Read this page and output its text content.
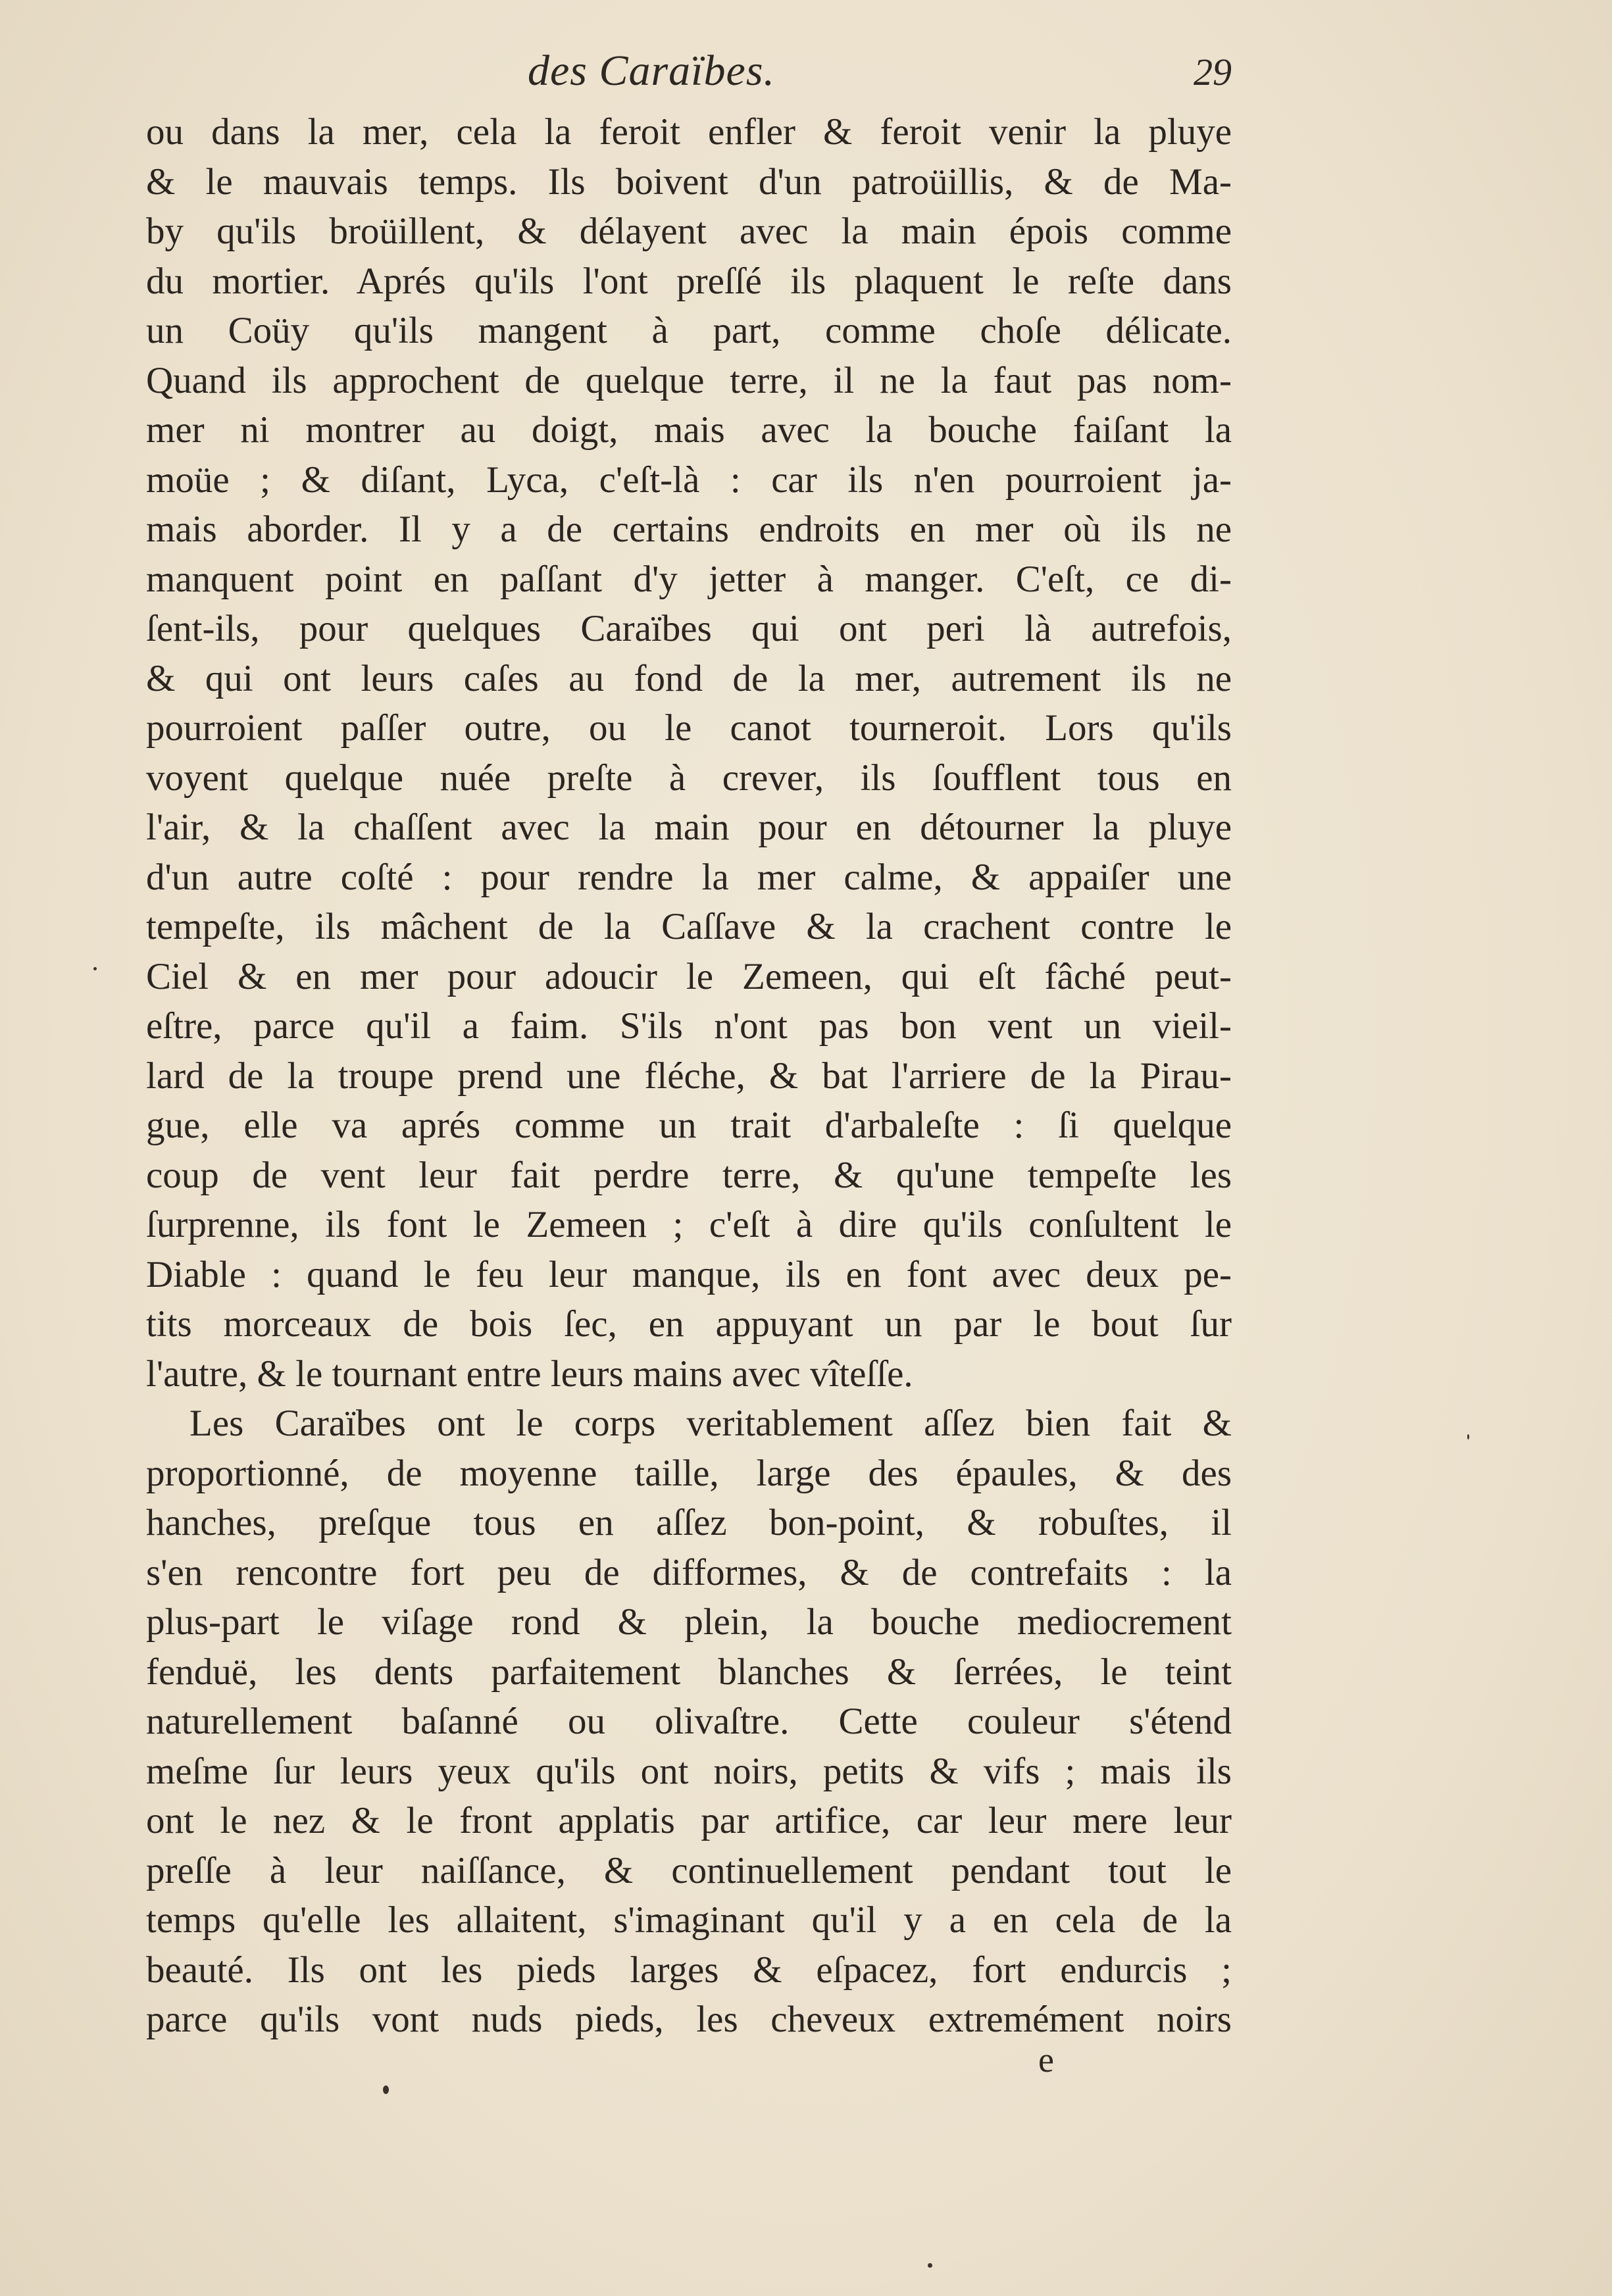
des Caraïbes.	29
ou dans la mer, cela la feroit enfler & feroit venir la pluye
& le mauvais temps. Ils boivent d'un patroüillis, & de Ma-
by qu'ils broüillent, & délayent avec la main épois comme
du mortier. Aprés qu'ils l'ont preſſé ils plaquent le reſte dans
un Coüy qu'ils mangent à part, comme choſe délicate.
Quand ils approchent de quelque terre, il ne la faut pas nom-
mer ni montrer au doigt, mais avec la bouche faiſant la
moüe ; & diſant, Lyca, c'eſt-là : car ils n'en pourroient ja-
mais aborder. Il y a de certains endroits en mer où ils ne
manquent point en paſſant d'y jetter à manger. C'eſt, ce di-
ſent-ils, pour quelques Caraïbes qui ont peri là autrefois,
& qui ont leurs caſes au fond de la mer, autrement ils ne
pourroient paſſer outre, ou le canot tourneroit. Lors qu'ils
voyent quelque nuée preſte à crever, ils ſoufflent tous en
l'air, & la chaſſent avec la main pour en détourner la pluye
d'un autre coſté : pour rendre la mer calme, & appaiſer une
tempeſte, ils mâchent de la Caſſave & la crachent contre le
Ciel & en mer pour adoucir le Zemeen, qui eſt fâché peut-
eſtre, parce qu'il a faim. S'ils n'ont pas bon vent un vieil-
lard de la troupe prend une fléche, & bat l'arriere de la Pirau-
gue, elle va aprés comme un trait d'arbaleſte : ſi quelque
coup de vent leur fait perdre terre, & qu'une tempeſte les
ſurprenne, ils font le Zemeen ; c'eſt à dire qu'ils conſultent le
Diable : quand le feu leur manque, ils en font avec deux pe-
tits morceaux de bois ſec, en appuyant un par le bout ſur
l'autre, & le tournant entre leurs mains avec vîteſſe.
Les Caraïbes ont le corps veritablement aſſez bien fait &
proportionné, de moyenne taille, large des épaules, & des
hanches, preſque tous en aſſez bon-point, & robuſtes, il
s'en rencontre fort peu de difformes, & de contrefaits : la
plus-part le viſage rond & plein, la bouche mediocrement
fenduë, les dents parfaitement blanches & ſerrées, le teint
naturellement baſanné ou olivaſtre. Cette couleur s'étend
meſme ſur leurs yeux qu'ils ont noirs, petits & vifs ; mais ils
ont le nez & le front applatis par artifice, car leur mere leur
preſſe à leur naiſſance, & continuellement pendant tout le
temps qu'elle les allaitent, s'imaginant qu'il y a en cela de la
beauté. Ils ont les pieds larges & eſpacez, fort endurcis ;
parce qu'ils vont nuds pieds, les cheveux extremément noirs
e
